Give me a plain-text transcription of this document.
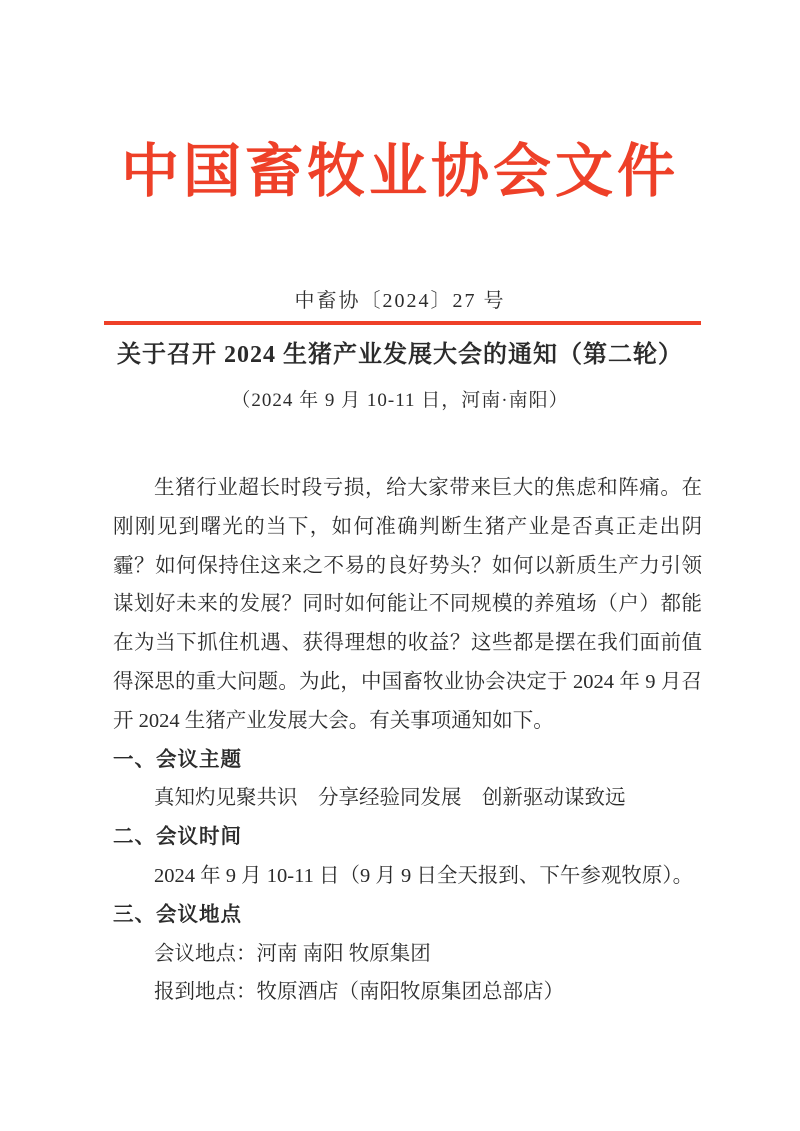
中国畜牧业协会文件
中畜协〔2024〕27 号
关于召开 2024 生猪产业发展大会的通知（第二轮）
（2024 年 9 月 10-11 日，河南·南阳）

生猪行业超长时段亏损，给大家带来巨大的焦虑和阵痛。在刚刚见到曙光的当下，如何准确判断生猪产业是否真正走出阴霾？如何保持住这来之不易的良好势头？如何以新质生产力引领谋划好未来的发展？同时如何能让不同规模的养殖场（户）都能在为当下抓住机遇、获得理想的收益？这些都是摆在我们面前值得深思的重大问题。为此，中国畜牧业协会决定于 2024 年 9 月召开 2024 生猪产业发展大会。有关事项通知如下。

一、会议主题
真知灼见聚共识　分享经验同发展　创新驱动谋致远
二、会议时间
2024 年 9 月 10-11 日（9 月 9 日全天报到、下午参观牧原）。
三、会议地点
会议地点：河南 南阳 牧原集团
报到地点：牧原酒店（南阳牧原集团总部店）
